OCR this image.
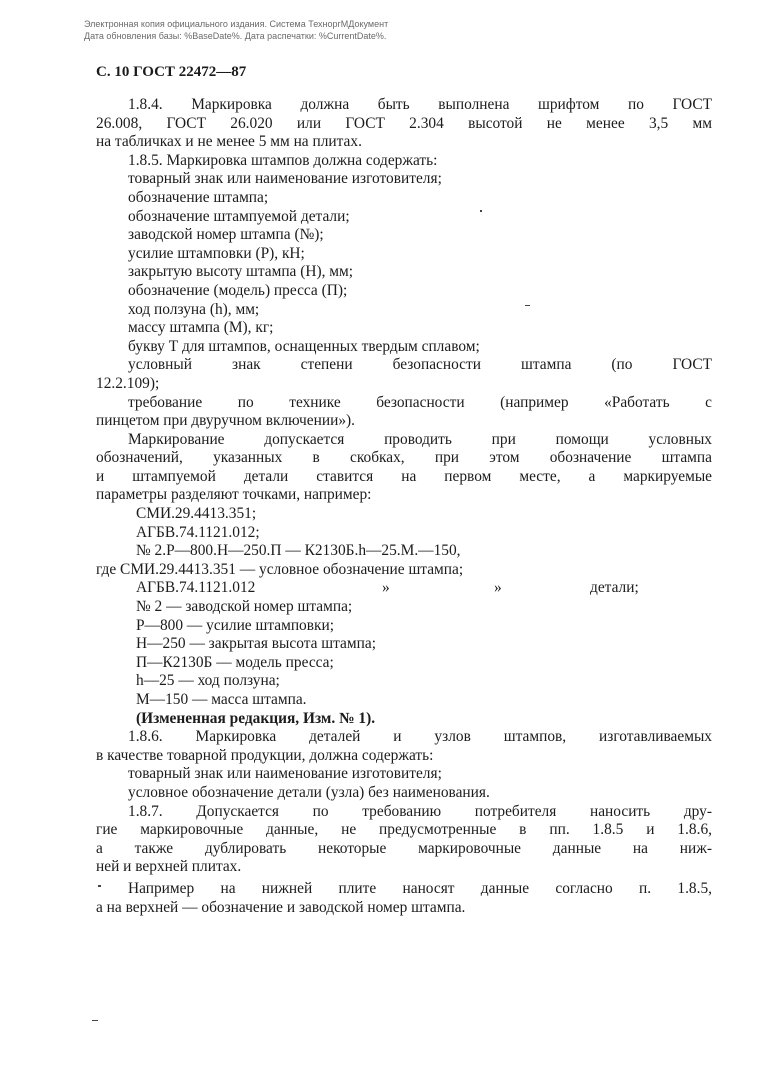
Электронная копия официального издания. Система ТехноргМДокумент
Дата обновления базы: %BaseDate%. Дата распечатки: %CurrentDate%.
С. 10 ГОСТ 22472—87
1.8.4. Маркировка должна быть выполнена шрифтом по ГОСТ
26.008, ГОСТ 26.020 или ГОСТ 2.304 высотой не менее 3,5 мм
на табличках и не менее 5 мм на плитах.
1.8.5. Маркировка штампов должна содержать:
товарный знак или наименование изготовителя;
обозначение штампа;
обозначение штампуемой детали;
заводской номер штампа (№);
усилие штамповки (Р), кН;
закрытую высоту штампа (Н), мм;
обозначение (модель) пресса (П);
ход ползуна (h), мм;
массу штампа (М), кг;
букву Т для штампов, оснащенных твердым сплавом;
условный знак степени безопасности штампа (по ГОСТ
12.2.109);
требование по технике безопасности (например «Работать с
пинцетом при двуручном включении»).
Маркирование допускается проводить при помощи условных
обозначений, указанных в скобках, при этом обозначение штампа
и штампуемой детали ставится на первом месте, а маркируемые
параметры разделяют точками, например:
СМИ.29.4413.351;
АГБВ.74.1121.012;
№ 2.Р—800.Н—250.П — К2130Б.h—25.М.—150,
где СМИ.29.4413.351 — условное обозначение штампа;
АГБВ.74.1121.012	»	»	детали;
№ 2 — заводской номер штампа;
Р—800 — усилие штамповки;
Н—250 — закрытая высота штампа;
П—К2130Б — модель пресса;
h—25 — ход ползуна;
М—150 — масса штампа.
(Измененная редакция, Изм. № 1).
1.8.6. Маркировка деталей и узлов штампов, изготавливаемых
в качестве товарной продукции, должна содержать:
товарный знак или наименование изготовителя;
условное обозначение детали (узла) без наименования.
1.8.7. Допускается по требованию потребителя наносить дру-
гие маркировочные данные, не предусмотренные в пп. 1.8.5 и 1.8.6,
а также дублировать некоторые маркировочные данные на ниж-
ней и верхней плитах.
Например на нижней плите наносят данные согласно п. 1.8.5,
а на верхней — обозначение и заводской номер штампа.
